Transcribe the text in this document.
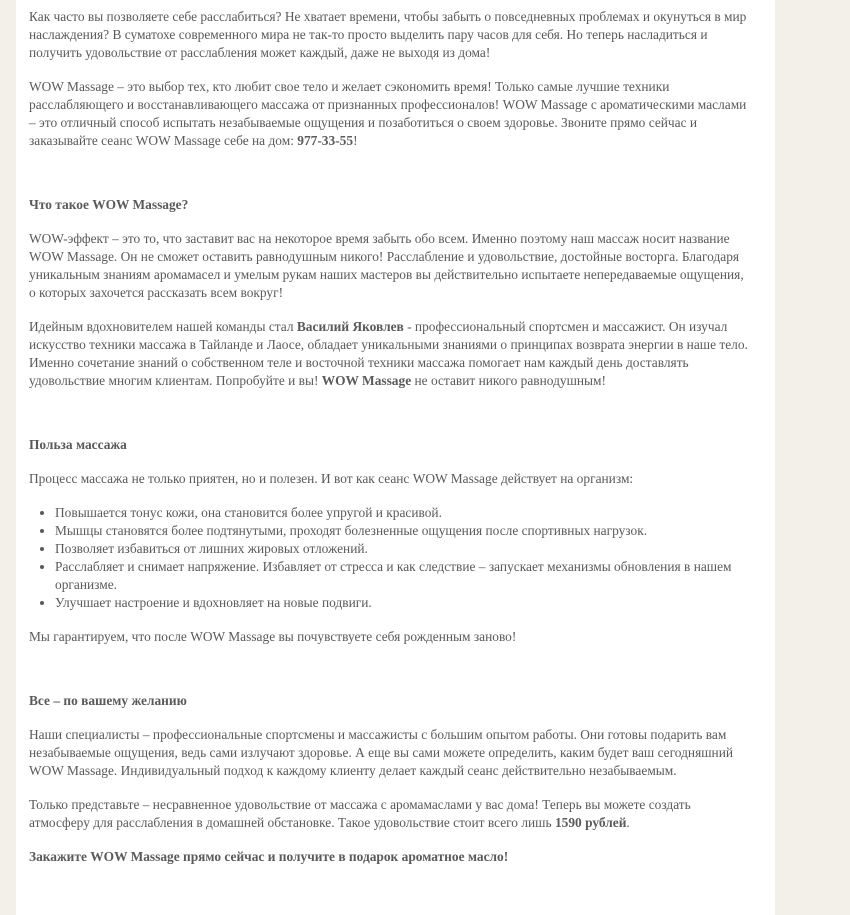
Как часто вы позволяете себе расслабиться? Не хватает времени, чтобы забыть о повседневных проблемах и окунуться в мир наслаждения? В суматохе современного мира не так-то просто выделить пару часов для себя. Но теперь насладиться и получить удовольствие от расслабления может каждый, даже не выходя из дома!

WOW Massage – это выбор тех, кто любит свое тело и желает сэкономить время! Только самые лучшие техники расслабляющего и восстанавливающего массажа от признанных профессионалов! WOW Massage с ароматическими маслами – это отличный способ испытать незабываемые ощущения и позаботиться о своем здоровье. Звоните прямо сейчас и заказывайте сеанс WOW Massage себе на дом: 977-33-55!

Что такое WOW Massage?

WOW-эффект – это то, что заставит вас на некоторое время забыть обо всем. Именно поэтому наш массаж носит название WOW Massage. Он не сможет оставить равнодушным никого! Расслабление и удовольствие, достойные восторга. Благодаря уникальным знаниям аромамасел и умелым рукам наших мастеров вы действительно испытаете непередаваемые ощущения, о которых захочется рассказать всем вокруг!

Идейным вдохновителем нашей команды стал Василий Яковлев - профессиональный спортсмен и массажист. Он изучал искусство техники массажа в Тайланде и Лаосе, обладает уникальными знаниями о принципах возврата энергии в наше тело. Именно сочетание знаний о собственном теле и восточной техники массажа помогает нам каждый день доставлять удовольствие многим клиентам. Попробуйте и вы! WOW Massage не оставит никого равнодушным!

Польза массажа

Процесс массажа не только приятен, но и полезен. И вот как сеанс WOW Massage действует на организм:

• Повышается тонус кожи, она становится более упругой и красивой.
• Мышцы становятся более подтянутыми, проходят болезненные ощущения после спортивных нагрузок.
• Позволяет избавиться от лишних жировых отложений.
• Расслабляет и снимает напряжение. Избавляет от стресса и как следствие – запускает механизмы обновления в нашем организме.
• Улучшает настроение и вдохновляет на новые подвиги.

Мы гарантируем, что после WOW Massage вы почувствуете себя рожденным заново!

Все – по вашему желанию

Наши специалисты – профессиональные спортсмены и массажисты с большим опытом работы. Они готовы подарить вам незабываемые ощущения, ведь сами излучают здоровье. А еще вы сами можете определить, каким будет ваш сегодняшний WOW Massage. Индивидуальный подход к каждому клиенту делает каждый сеанс действительно незабываемым.

Только представьте – несравненное удовольствие от массажа с аромамаслами у вас дома! Теперь вы можете создать атмосферу для расслабления в домашней обстановке. Такое удовольствие стоит всего лишь 1590 рублей.

Закажите WOW Massage прямо сейчас и получите в подарок ароматное масло!
